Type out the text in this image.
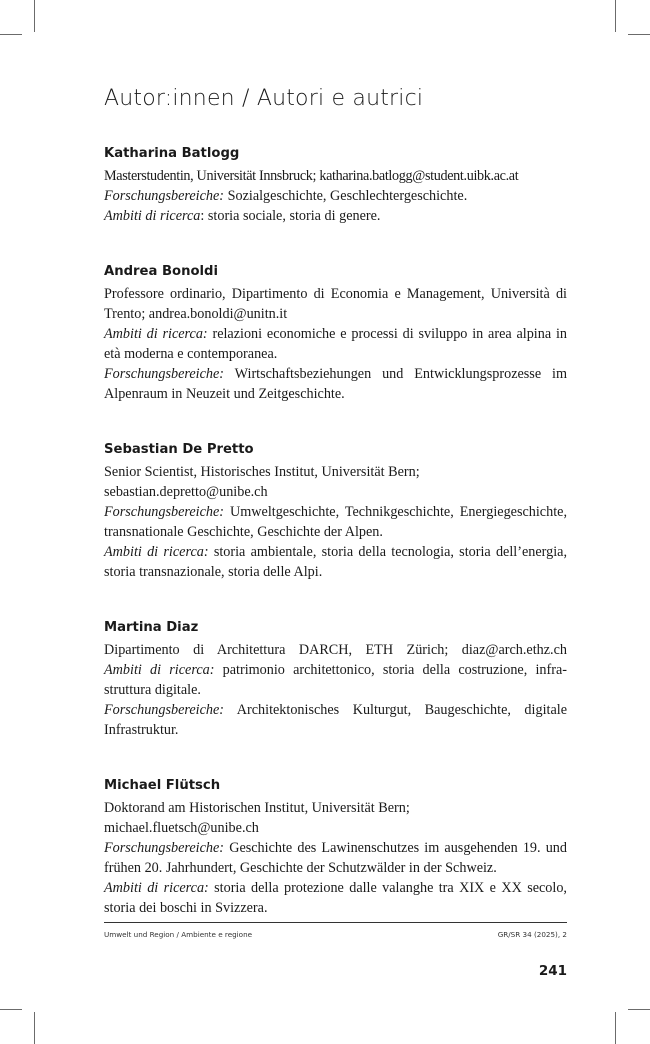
Autor:innen / Autori e autrici

Katharina Batlogg

Masterstudentin, Universität Innsbruck; katharina.batlogg@student.uibk.ac.at

Forschungsbereiche: Sozialgeschichte, Geschlechtergeschichte.

Ambiti di ricerca: storia sociale, storia di genere.

Andrea Bonoldi

Professore ordinario, Dipartimento di Economia e Management, Università di Trento; andrea.bonoldi@unitn.it

Ambiti di ricerca: relazioni economiche e processi di sviluppo in area alpina in età moderna e contemporanea.

Forschungsbereiche: Wirtschaftsbeziehungen und Entwicklungsprozesse im Alpenraum in Neuzeit und Zeitgeschichte.

Sebastian De Pretto

Senior Scientist, Historisches Institut, Universität Bern;

sebastian.depretto@unibe.ch

Forschungsbereiche: Umweltgeschichte, Technikgeschichte, Energiegeschichte, transnationale Geschichte, Geschichte der Alpen.

Ambiti di ricerca: storia ambientale, storia della tecnologia, storia dell’energia, storia transnazionale, storia delle Alpi.

Martina Diaz

Dipartimento di Architettura DARCH, ETH Zürich; diaz@arch.ethz.ch

Ambiti di ricerca: patrimonio architettonico, storia della costruzione, infrastruttura digitale.

Forschungsbereiche: Architektonisches Kulturgut, Baugeschichte, digitale Infrastruktur.

Michael Flütsch

Doktorand am Historischen Institut, Universität Bern;

michael.fluetsch@unibe.ch

Forschungsbereiche: Geschichte des Lawinenschutzes im ausgehenden 19. und frühen 20. Jahrhundert, Geschichte der Schutzwälder in der Schweiz.

Ambiti di ricerca: storia della protezione dalle valanghe tra XIX e XX secolo, storia dei boschi in Svizzera.

Umwelt und Region / Ambiente e regione	GR/SR 34 (2025), 2
241
